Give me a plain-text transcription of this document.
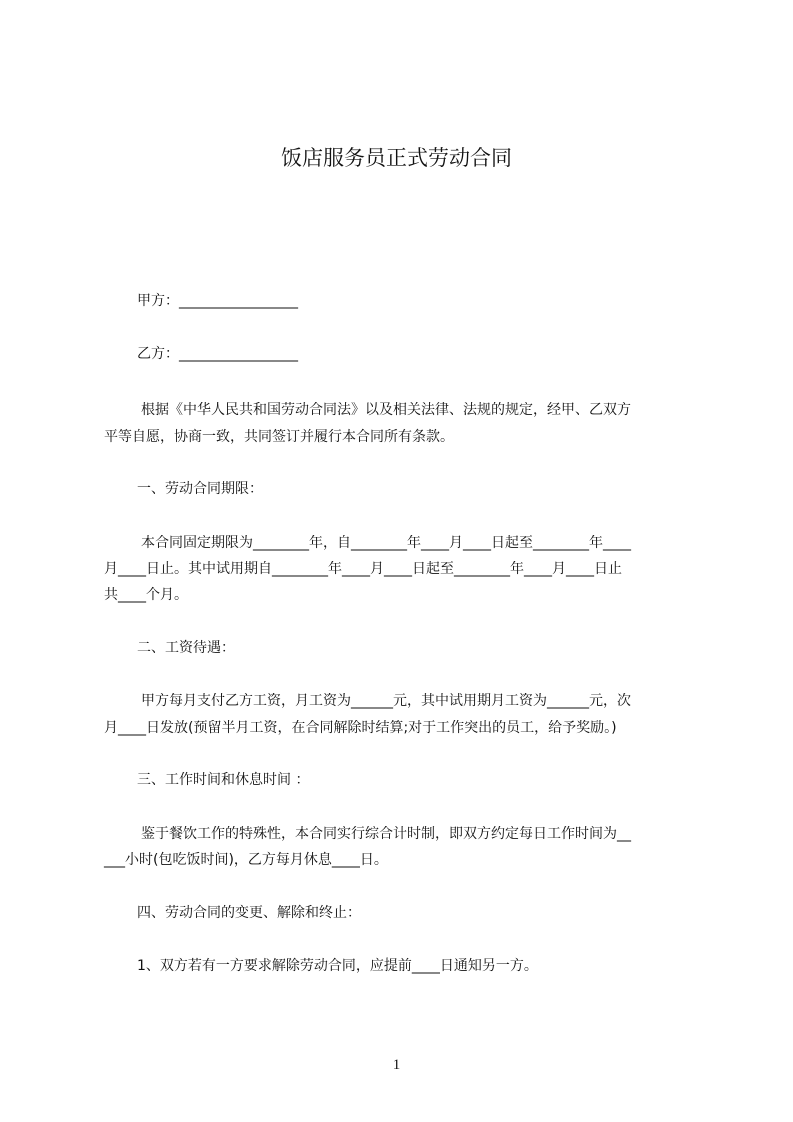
饭店服务员正式劳动合同
甲方：_________________
乙方：_________________
根据《中华人民共和国劳动合同法》以及相关法律、法规的规定，经甲、乙双方
平等自愿，协商一致，共同签订并履行本合同所有条款。
一、劳动合同期限：
本合同固定期限为________年，自________年____月____日起至________年____
月____日止。其中试用期自________年____月____日起至________年____月____日止
共____个月。
二、工资待遇：
甲方每月支付乙方工资，月工资为______元，其中试用期月工资为______元，次
月____日发放(预留半月工资，在合同解除时结算;对于工作突出的员工，给予奖励。)
三、工作时间和休息时间 ：
鉴于餐饮工作的特殊性，本合同实行综合计时制，即双方约定每日工作时间为__
___小时(包吃饭时间)，乙方每月休息____日。
四、劳动合同的变更、解除和终止：
1、双方若有一方要求解除劳动合同，应提前____日通知另一方。
1
